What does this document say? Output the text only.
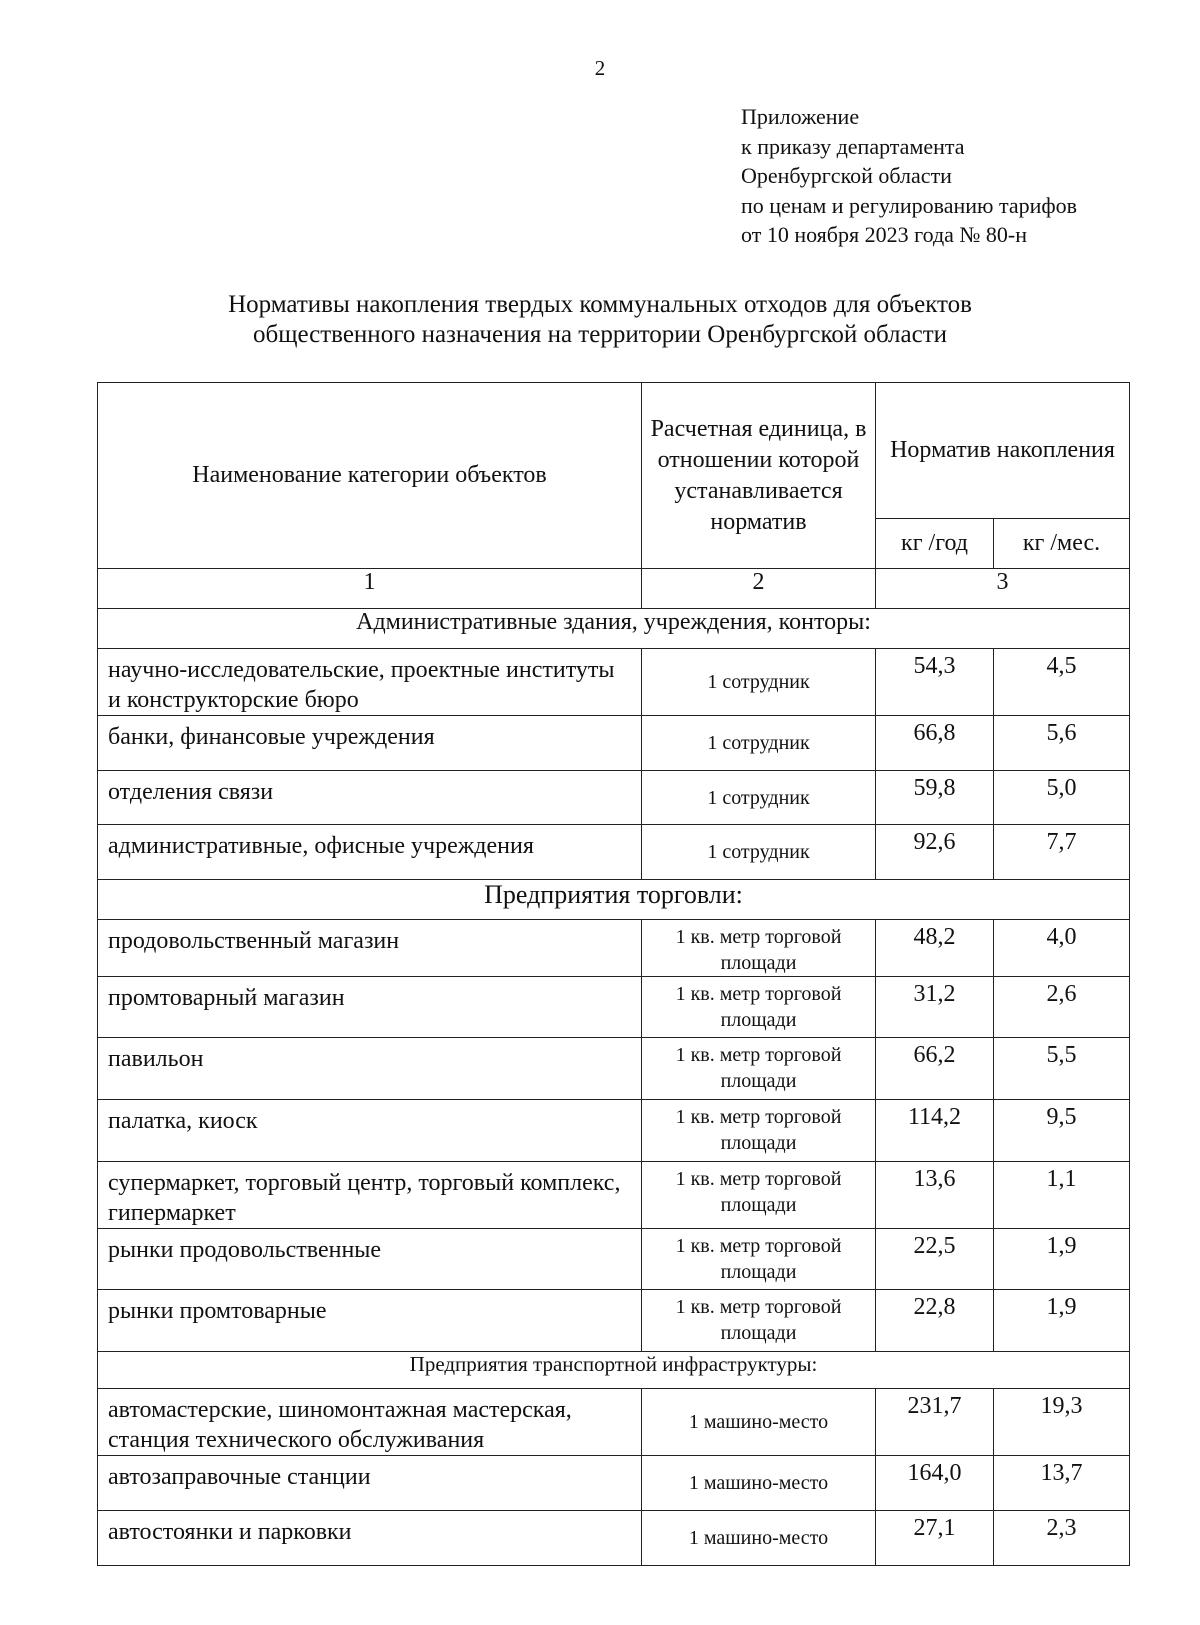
2
Приложение
к приказу департамента
Оренбургской области
по ценам и регулированию тарифов
от 10 ноября 2023 года № 80-н
Нормативы накопления твердых коммунальных отходов для объектов
общественного назначения на территории Оренбургской области
Наименование категории объектов	Расчетная единица, в отношении которой устанавливается норматив	Норматив накопления	
		кг /год	кг /мес.
1	2	3	
Административные здания, учреждения, конторы:			
научно-исследовательские, проектные институты и конструкторские бюро	1 сотрудник	54,3	4,5
банки, финансовые учреждения	1 сотрудник	66,8	5,6
отделения связи	1 сотрудник	59,8	5,0
административные, офисные учреждения	1 сотрудник	92,6	7,7
Предприятия торговли:			
продовольственный магазин	1 кв. метр торговой площади	48,2	4,0
промтоварный магазин	1 кв. метр торговой площади	31,2	2,6
павильон	1 кв. метр торговой площади	66,2	5,5
палатка, киоск	1 кв. метр торговой площади	114,2	9,5
супермаркет, торговый центр, торговый комплекс, гипермаркет	1 кв. метр торговой площади	13,6	1,1
рынки продовольственные	1 кв. метр торговой площади	22,5	1,9
рынки промтоварные	1 кв. метр торговой площади	22,8	1,9
Предприятия транспортной инфраструктуры:			
автомастерские, шиномонтажная мастерская, станция технического обслуживания	1 машино-место	231,7	19,3
автозаправочные станции	1 машино-место	164,0	13,7
автостоянки и парковки	1 машино-место	27,1	2,3
